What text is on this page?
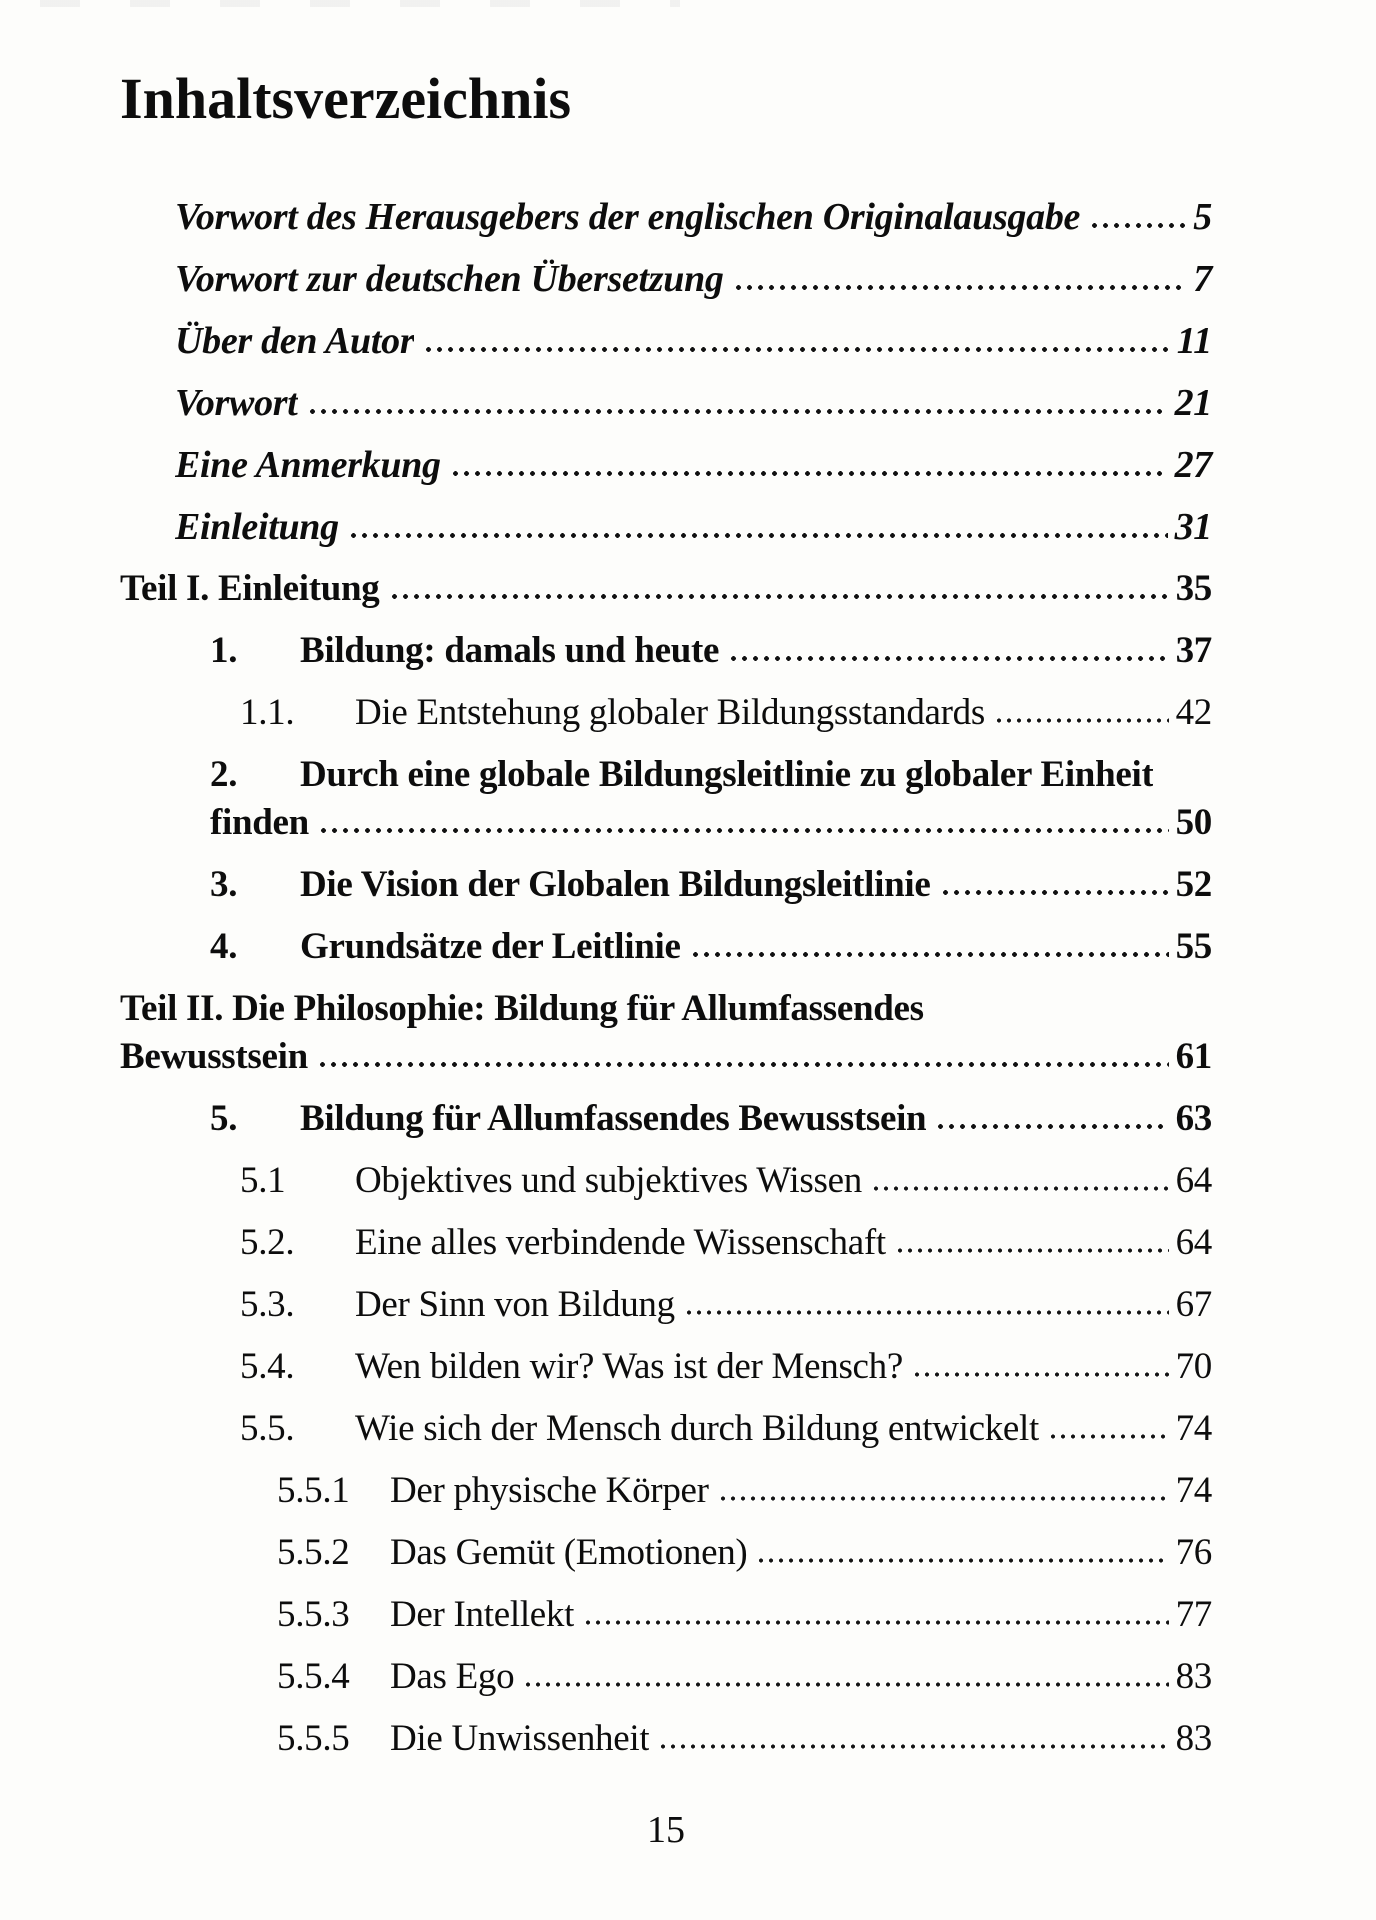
Inhaltsverzeichnis
Vorwort des Herausgebers der englischen Originalausgabe	5
Vorwort zur deutschen Übersetzung	7
Über den Autor	11
Vorwort	21
Eine Anmerkung	27
Einleitung	31
Teil I. Einleitung	35
1.	Bildung: damals und heute	37
1.1.	Die Entstehung globaler Bildungsstandards	42
2.	Durch eine globale Bildungsleitlinie zu globaler Einheit
finden	50
3.	Die Vision der Globalen Bildungsleitlinie	52
4.	Grundsätze der Leitlinie	55
Teil II. Die Philosophie: Bildung für Allumfassendes
Bewusstsein	61
5.	Bildung für Allumfassendes Bewusstsein	63
5.1	Objektives und subjektives Wissen	64
5.2.	Eine alles verbindende Wissenschaft	64
5.3.	Der Sinn von Bildung	67
5.4.	Wen bilden wir? Was ist der Mensch?	70
5.5.	Wie sich der Mensch durch Bildung entwickelt	74
5.5.1	Der physische Körper	74
5.5.2	Das Gemüt (Emotionen)	76
5.5.3	Der Intellekt	77
5.5.4	Das Ego	83
5.5.5	Die Unwissenheit	83
15
